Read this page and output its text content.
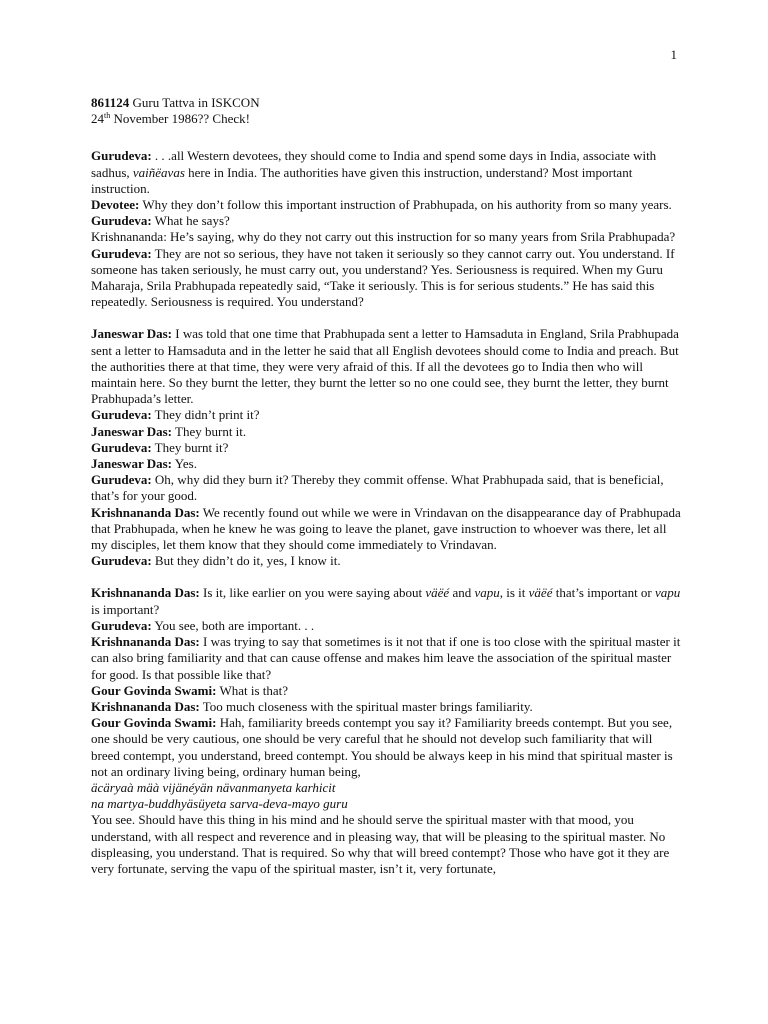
1

861124 Guru Tattva in ISKCON

24th November 1986?? Check!

Gurudeva: . . .all Western devotees, they should come to India and spend some days in India, associate with sadhus, vaiñëavas here in India. The authorities have given this instruction, understand? Most important instruction.

Devotee: Why they don’t follow this important instruction of Prabhupada, on his authority from so many years.

Gurudeva: What he says?

Krishnananda: He’s saying, why do they not carry out this instruction for so many years from Srila Prabhupada?

Gurudeva: They are not so serious, they have not taken it seriously so they cannot carry out. You understand. If someone has taken seriously, he must carry out, you understand? Yes. Seriousness is required. When my Guru Maharaja, Srila Prabhupada repeatedly said, “Take it seriously. This is for serious students.” He has said this repeatedly. Seriousness is required. You understand?

Janeswar Das: I was told that one time that Prabhupada sent a letter to Hamsaduta in England, Srila Prabhupada sent a letter to Hamsaduta and in the letter he said that all English devotees should come to India and preach. But the authorities there at that time, they were very afraid of this. If all the devotees go to India then who will maintain here. So they burnt the letter, they burnt the letter so no one could see, they burnt the letter, they burnt Prabhupada’s letter.

Gurudeva: They didn’t print it?

Janeswar Das: They burnt it.

Gurudeva: They burnt it?

Janeswar Das: Yes.

Gurudeva: Oh, why did they burn it? Thereby they commit offense. What Prabhupada said, that is beneficial, that’s for your good.

Krishnananda Das: We recently found out while we were in Vrindavan on the disappearance day of Prabhupada that Prabhupada, when he knew he was going to leave the planet, gave instruction to whoever was there, let all my disciples, let them know that they should come immediately to Vrindavan.

Gurudeva: But they didn’t do it, yes, I know it.

Krishnananda Das: Is it, like earlier on you were saying about väëé and vapu, is it väëé that’s important or vapu is important?

Gurudeva: You see, both are important. . .

Krishnananda Das: I was trying to say that sometimes is it not that if one is too close with the spiritual master it can also bring familiarity and that can cause offense and makes him leave the association of the spiritual master for good. Is that possible like that?

Gour Govinda Swami: What is that?

Krishnananda Das: Too much closeness with the spiritual master brings familiarity.

Gour Govinda Swami: Hah, familiarity breeds contempt you say it? Familiarity breeds contempt. But you see, one should be very cautious, one should be very careful that he should not develop such familiarity that will breed contempt, you understand, breed contempt. You should be always keep in his mind that spiritual master is not an ordinary living being, ordinary human being,

äcäryaà mäà vijänéyän nävanmanyeta karhicit

na martya-buddhyäsüyeta sarva-deva-mayo guru

You see. Should have this thing in his mind and he should serve the spiritual master with that mood, you understand, with all respect and reverence and in pleasing way, that will be pleasing to the spiritual master. No displeasing, you understand. That is required. So why that will breed contempt? Those who have got it they are very fortunate, serving the vapu of the spiritual master, isn’t it, very fortunate,
